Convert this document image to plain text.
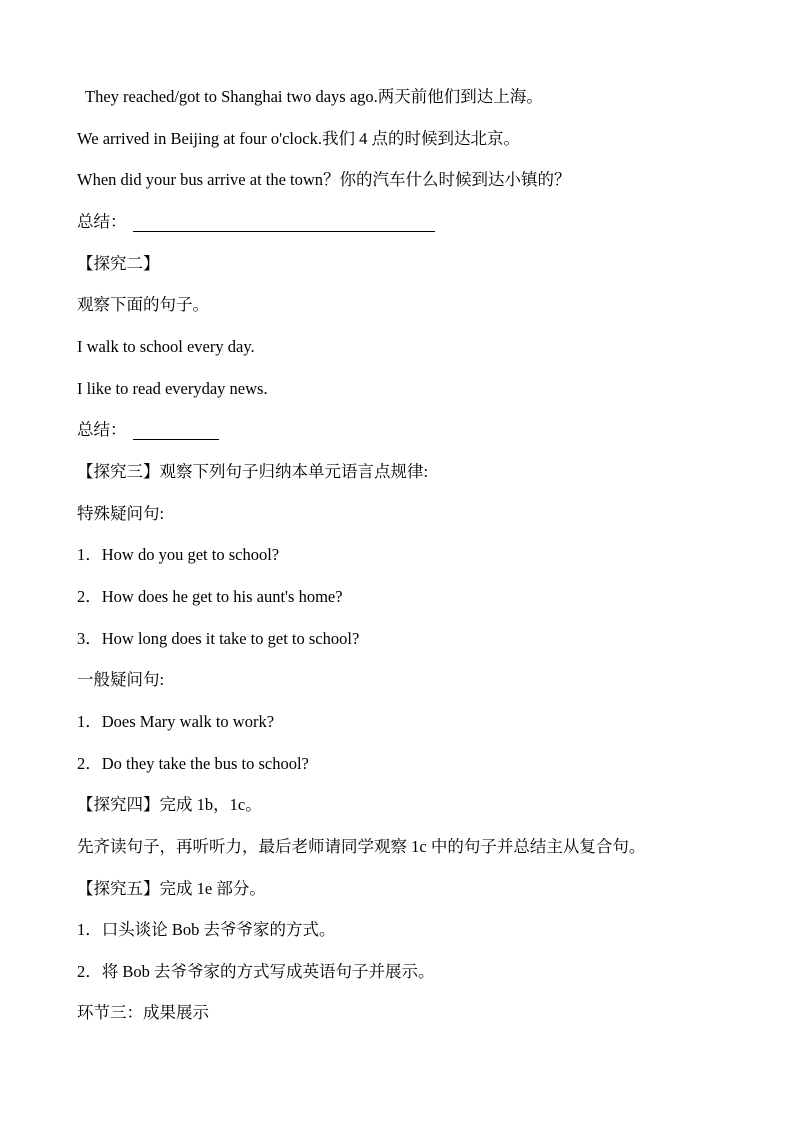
They reached/got to Shanghai two days ago.两天前他们到达上海。
We arrived in Beijing at four o'clock.我们 4 点的时候到达北京。
When did your bus arrive at the town？你的汽车什么时候到达小镇的？
总结：
【探究二】
观察下面的句子。
I walk to school every day.
I like to read everyday news.
总结：
【探究三】观察下列句子归纳本单元语言点规律:
特殊疑问句:
1．How do you get to school?
2．How does he get to his aunt's home?
3．How long does it take to get to school?
一般疑问句:
1．Does Mary walk to work?
2．Do they take the bus to school?
【探究四】完成 1b，1c。
先齐读句子，再听听力，最后老师请同学观察 1c 中的句子并总结主从复合句。
【探究五】完成 1e 部分。
1．口头谈论 Bob 去爷爷家的方式。
2．将 Bob 去爷爷家的方式写成英语句子并展示。
环节三：成果展示
